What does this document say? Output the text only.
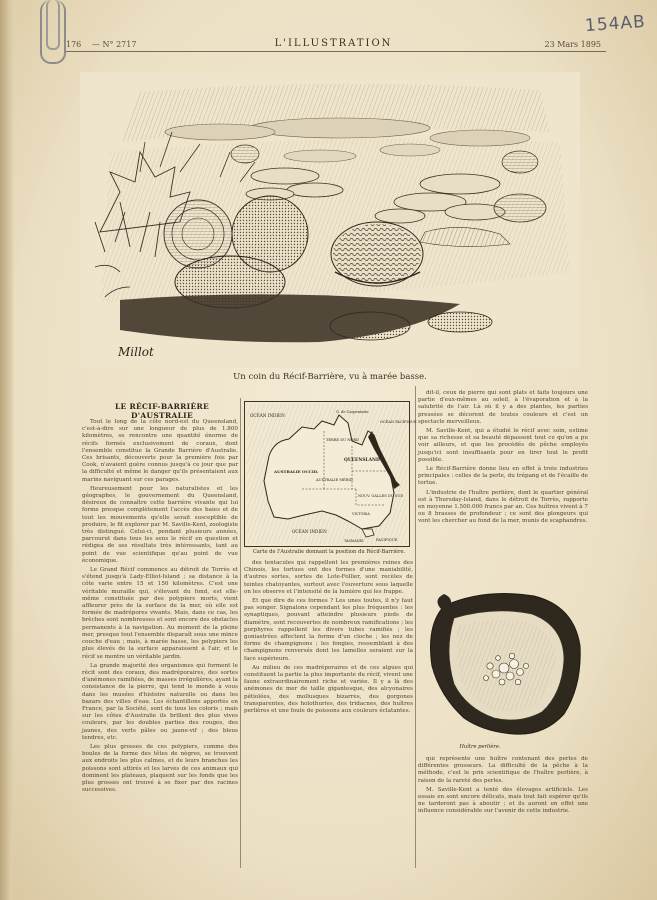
154AB
176 — N° 2717	L'ILLUSTRATION	23 Mars 1895
Millot
Un coin du Récif-Barrière, vu à marée basse.
LE RÉCIF-BARRIÈRE D'AUSTRALIE

Tout le long de la côte nord-est du Queensland, c'est-à-dire sur une longueur de plus de 1.800 kilomètres, se rencontre une quantité énorme de récifs formés exclusivement de coraux, dont l'ensemble constitue la Grande Barrière d'Australie. Ces brisants, découverts pour la première fois par Cook, n'avaient guère connus jusqu'à ce jour que par la difficulté et même le danger qu'ils présentaient aux marins naviguant sur ces parages.

Heureusement pour les naturalistes et les géographes, le gouvernement du Queensland, désireux de connaître cette barrière vivante qui lui forme presque complètement l'accès des baies et de tout les mouvements qu'elle serait susceptible de produire, le fit explorer par M. Saville-Kent, zoologiste très distingué. Celui-ci, pendant plusieurs années, parcourut dans tous les sens le récif en question et rédigea de ses résultats très intéressants, tant au point de vue scientifique qu'au point de vue économique.

Le Grand Récif commence au détroit de Torrès et s'étend jusqu'à Lady-Elliot-Island ; sa distance à la côte varie entre 15 et 150 kilomètres. C'est une véritable muraille qui, s'élevant du fond, est elle-même constituée par des polypiers morts, vient affleurer près de la surface de la mer, où elle est formée de madrépores vivants. Mais, dans ce cas, les brèches sont nombreuses et sont encore des obstacles permanents à la navigation. Au moment de la pleine mer, presque tout l'ensemble disparaît sous une mince couche d'eau ; mais, à marée basse, les polypiers les plus élevés de la surface apparaissent à l'air, et le récif se montre un véritable jardin.

La grande majorité des organismes qui forment le récit sont des coraux, des madréporaires, des sortes d'anémones ramifiées, de masses irrégulières, ayant la consistance de la pierre, qui tend le monde à vous dans les musées d'histoire naturelle ou dans les bazars des villes d'eau. Les échantillons apportés en France, par la Société, sont de tous les coloris ; mais sur les côtes d'Australie ils brillent des plus vives couleurs, par les doubles parties des rouges, des jaunes, des verts pâles ou jaune-vif ; des bleus tendres, etc.

Les plus grosses de ces polypiers, comme des boules de la forme des têtes de nègres, se trouvent aux endroits les plus calmes, et de leurs branches les poissons sont attirés et les larves de ces animaux qui dominent les plateaux, plaquent sur les fonds que les plus grosses ont trouvé à se fixer par des racines successives.

OCÉAN INDIEN
G. de Carpentarie
TERRE DU NORD
QUEENSLAND
OCÉAN PACIFIQUE
AUSTRALIE OCCID.
AUSTRALIE MÉRID.
NOUV. GALLES DU SUD
VICTORIA
OCÉAN INDIEN
TASMANIE	PACIFIQUE
Carte de l'Australie donnant la position du Récif-Barrière.

des tentacules qui rappellent les premières reines des Chinois, les tortues ont des formes d'une maniabilité, d'autres sortes, sortes de Lote-Follier, sont recèles de teintes chatoyantes, surtout avec l'ouverture sous laquelle on les observe et l'intensité de la lumière qui les frappe.

Et que dire de ces formes ? Les unes toutes, il n'y faut pas songer. Signalons cependant les plus fréquentes : les synaptiques, pouvant atteindre plusieurs pieds de diamètre, sont recouvertes de nombreux ramifications ; les porphyres rappellent les divers tubes ramifiés ; les goniastrées affectent la forme d'un cloche ; les nez de forme de champignons ; les fongies, ressemblant à des champignons renversés dont les lamelles seraient sur la face supérieure.

Au milieu de ces madréporaires et de ces algues qui constituent la partie la plus importante du récif, vivent une faune extraordinairement riche et variée. Il y a là des anémones de mer de taille gigantesque, des alcyonaires pétiolées, des mollusques bizarres, des gorgones transparentes, des holothuries, des tridacnes, des huîtres perlières et une foule de poissons aux couleurs éclatantes.

dit-il, ceux de pierre qui sont plats et faits toujours une partie d'eux-mêmes au soleil, à l'évaporation et à la salubrité de l'air. Là où il y a des plantes, les parties pressées se décorent de toutes couleurs et c'est un spectacle merveilleux.

M. Saville-Kent, qui a étudié le récif avec soin, estime que sa richesse et sa beauté dépassent tout ce qu'on a pu voir ailleurs, et que les procédés de pêche employés jusqu'ici sont insuffisants pour en tirer tout le profit possible.

Le Récif-Barrière donne lieu en effet à trois industries principales : celles de la perle, du trépang et de l'écaille de tortue.

L'industrie de l'huître perlière, dont le quartier général est à Thursday-Island, dans le détroit de Torrès, rapporte en moyenne 1.500.000 francs par an. Ces huîtres vivent à 7 ou 8 brasses de profondeur ; ce sont des plongeurs qui vont les chercher au fond de la mer, munis de scaphandres.

Huître perlière.

qui représente une huître contenant des perles de différentes grosseurs. La difficulté de la pêche à la méthode, c'est le prix scientifique de l'huître perlière, à raison de la rareté des perles.

M. Saville-Kent a tenté des élevages artificiels. Les essais en sont encore délicats, mais tout fait espérer qu'ils ne tarderont pas à aboutir ; et ils auront en effet une influence considérable sur l'avenir de cette industrie.
